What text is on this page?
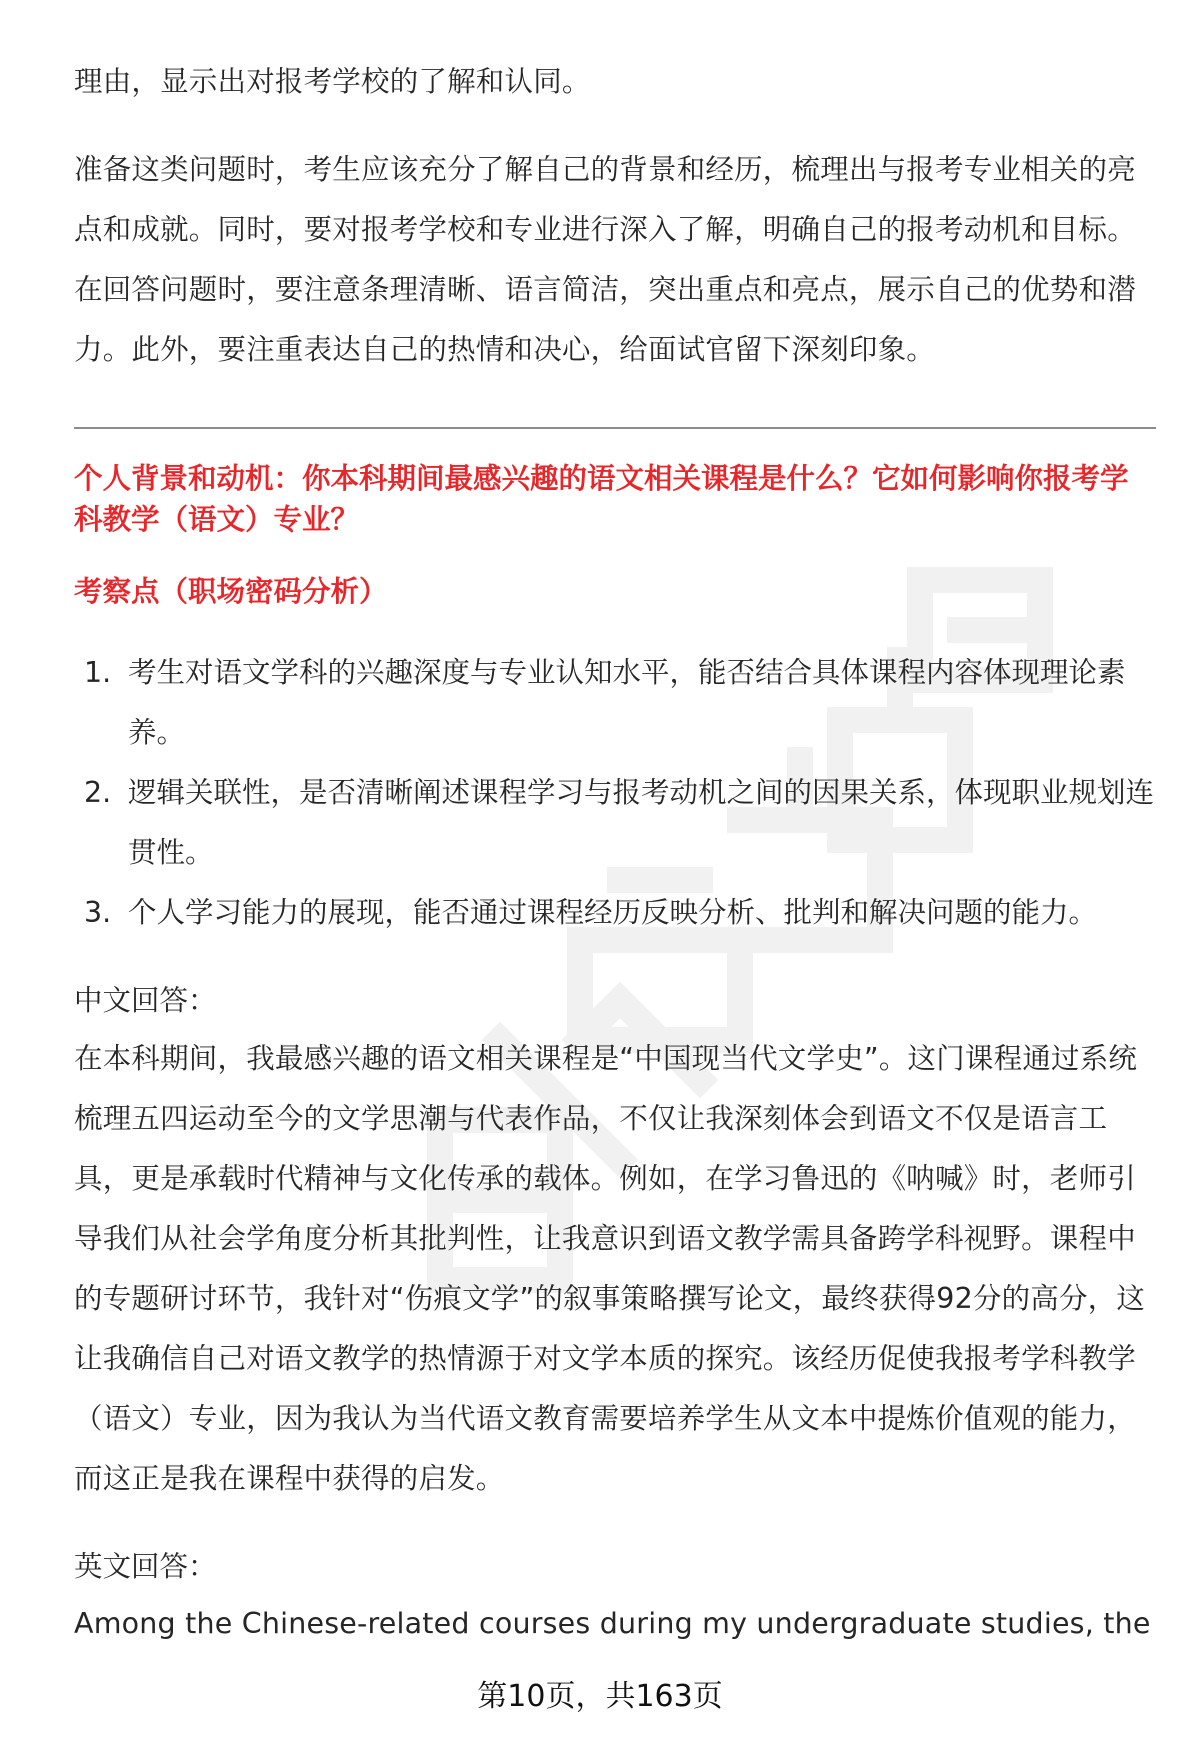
理由，显示出对报考学校的了解和认同。

准备这类问题时，考生应该充分了解自己的背景和经历，梳理出与报考专业相关的亮点和成就。同时，要对报考学校和专业进行深入了解，明确自己的报考动机和目标。在回答问题时，要注意条理清晰、语言简洁，突出重点和亮点，展示自己的优势和潜力。此外，要注重表达自己的热情和决心，给面试官留下深刻印象。

个人背景和动机：你本科期间最感兴趣的语文相关课程是什么？它如何影响你报考学科教学（语文）专业？

考察点（职场密码分析）

1. 考生对语文学科的兴趣深度与专业认知水平，能否结合具体课程内容体现理论素养。
2. 逻辑关联性，是否清晰阐述课程学习与报考动机之间的因果关系，体现职业规划连贯性。
3. 个人学习能力的展现，能否通过课程经历反映分析、批判和解决问题的能力。

中文回答：

在本科期间，我最感兴趣的语文相关课程是“中国现当代文学史”。这门课程通过系统梳理五四运动至今的文学思潮与代表作品，不仅让我深刻体会到语文不仅是语言工具，更是承载时代精神与文化传承的载体。例如，在学习鲁迅的《呐喊》时，老师引导我们从社会学角度分析其批判性，让我意识到语文教学需具备跨学科视野。课程中的专题研讨环节，我针对“伤痕文学”的叙事策略撰写论文，最终获得92分的高分，这让我确信自己对语文教学的热情源于对文学本质的探究。该经历促使我报考学科教学（语文）专业，因为我认为当代语文教育需要培养学生从文本中提炼价值观的能力，而这正是我在课程中获得的启发。

英文回答：

Among the Chinese-related courses during my undergraduate studies, the

第10页，共163页
